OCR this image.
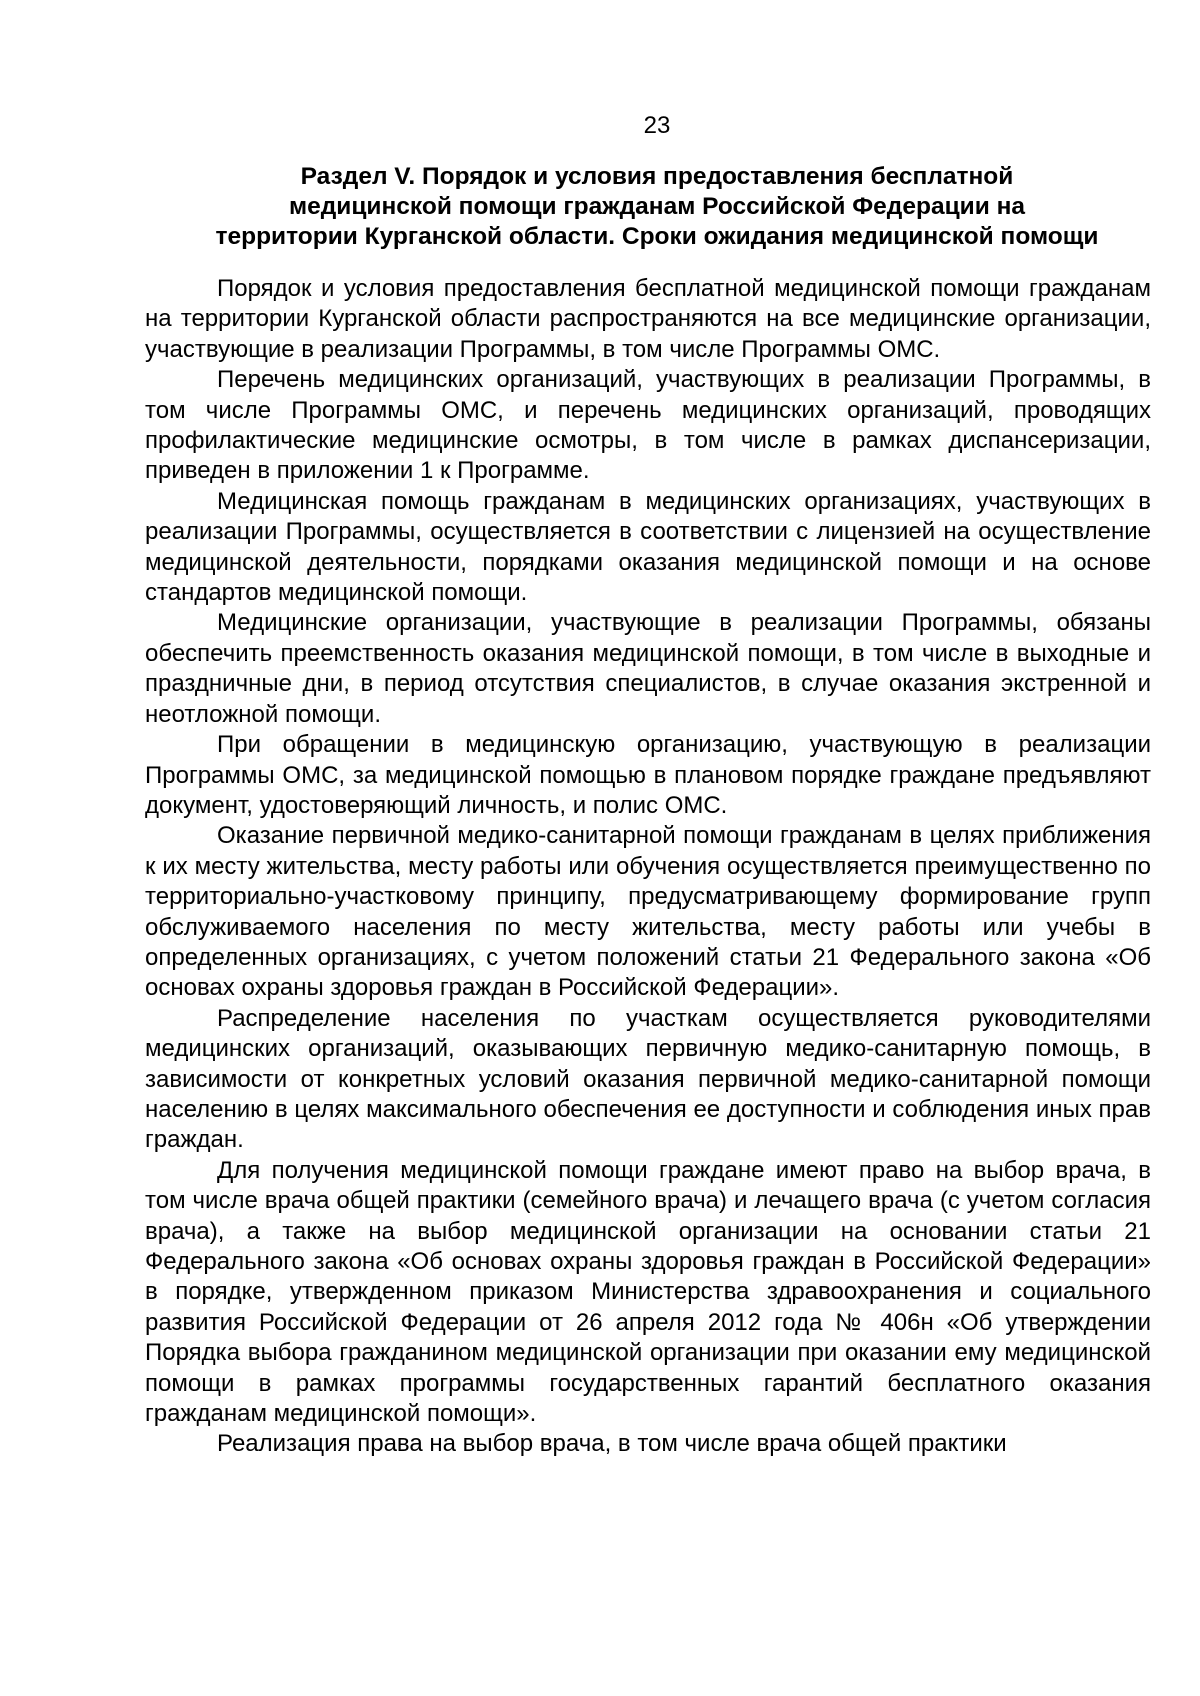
23
Раздел V. Порядок и условия предоставления бесплатной
медицинской помощи гражданам Российской Федерации на
территории Курганской области. Сроки ожидания медицинской помощи

Порядок и условия предоставления бесплатной медицинской помощи гражданам на территории Курганской области распространяются на все медицинские организации, участвующие в реализации Программы, в том числе Программы ОМС.

Перечень медицинских организаций, участвующих в реализации Программы, в том числе Программы ОМС, и перечень медицинских организаций, проводящих профилактические медицинские осмотры, в том числе в рамках диспансеризации, приведен в приложении 1 к Программе.

Медицинская помощь гражданам в медицинских организациях, участвующих в реализации Программы, осуществляется в соответствии с лицензией на осуществление медицинской деятельности, порядками оказания медицинской помощи и на основе стандартов медицинской помощи.

Медицинские организации, участвующие в реализации Программы, обязаны обеспечить преемственность оказания медицинской помощи, в том числе в выходные и праздничные дни, в период отсутствия специалистов, в случае оказания экстренной и неотложной помощи.

При обращении в медицинскую организацию, участвующую в реализации Программы ОМС, за медицинской помощью в плановом порядке граждане предъявляют документ, удостоверяющий личность, и полис ОМС.

Оказание первичной медико-санитарной помощи гражданам в целях приближения к их месту жительства, месту работы или обучения осуществляется преимущественно по территориально-участковому принципу, предусматривающему формирование групп обслуживаемого населения по месту жительства, месту работы или учебы в определенных организациях, с учетом положений статьи 21 Федерального закона «Об основах охраны здоровья граждан в Российской Федерации».

Распределение населения по участкам осуществляется руководителями медицинских организаций, оказывающих первичную медико-санитарную помощь, в зависимости от конкретных условий оказания первичной медико-санитарной помощи населению в целях максимального обеспечения ее доступности и соблюдения иных прав граждан.

Для получения медицинской помощи граждане имеют право на выбор врача, в том числе врача общей практики (семейного врача) и лечащего врача (с учетом согласия врача), а также на выбор медицинской организации на основании статьи 21 Федерального закона «Об основах охраны здоровья граждан в Российской Федерации» в порядке, утвержденном приказом Министерства здравоохранения и социального развития Российской Федерации от 26 апреля 2012 года № 406н «Об утверждении Порядка выбора гражданином медицинской организации при оказании ему медицинской помощи в рамках программы государственных гарантий бесплатного оказания гражданам медицинской помощи».

Реализация права на выбор врача, в том числе врача общей практики
